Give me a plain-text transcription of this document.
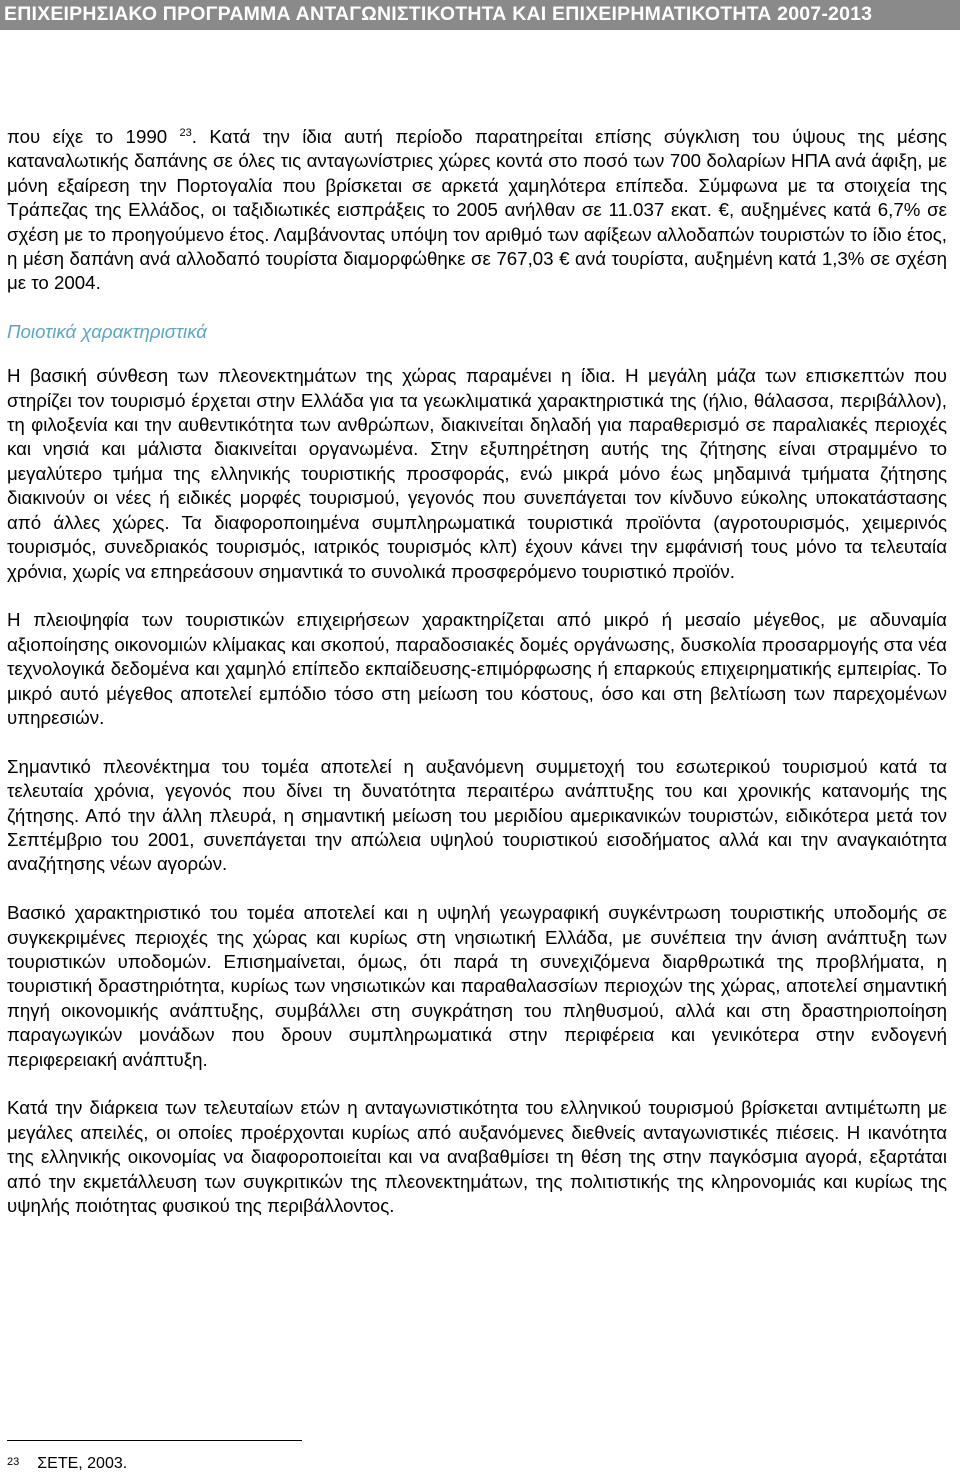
ΕΠΙΧΕΙΡΗΣΙΑΚΟ ΠΡΟΓΡΑΜΜΑ ΑΝΤΑΓΩΝΙΣΤΙΚΟΤΗΤΑ ΚΑΙ ΕΠΙΧΕΙΡΗΜΑΤΙΚΟΤΗΤΑ 2007-2013

που είχε το 1990 $^{23}$. Κατά την ίδια αυτή περίοδο παρατηρείται επίσης σύγκλιση του ύψους της μέσης καταναλωτικής δαπάνης σε όλες τις ανταγωνίστριες χώρες κοντά στο ποσό των 700 δολαρίων ΗΠΑ ανά άφιξη, με μόνη εξαίρεση την Πορτογαλία που βρίσκεται σε αρκετά χαμηλότερα επίπεδα. Σύμφωνα με τα στοιχεία της Τράπεζας της Ελλάδος, οι ταξιδιωτικές εισπράξεις το 2005 ανήλθαν σε 11.037 εκατ. €, αυξημένες κατά 6,7% σε σχέση με το προηγούμενο έτος. Λαμβάνοντας υπόψη τον αριθμό των αφίξεων αλλοδαπών τουριστών το ίδιο έτος, η μέση δαπάνη ανά αλλοδαπό τουρίστα διαμορφώθηκε σε 767,03 € ανά τουρίστα, αυξημένη κατά 1,3% σε σχέση με το 2004.

Ποιοτικά χαρακτηριστικά

Η βασική σύνθεση των πλεονεκτημάτων της χώρας παραμένει η ίδια. Η μεγάλη μάζα των επισκεπτών που στηρίζει τον τουρισμό έρχεται στην Ελλάδα για τα γεωκλιματικά χαρακτηριστικά της (ήλιο, θάλασσα, περιβάλλον), τη φιλοξενία και την αυθεντικότητα των ανθρώπων, διακινείται δηλαδή για παραθερισμό σε παραλιακές περιοχές και νησιά και μάλιστα διακινείται οργανωμένα. Στην εξυπηρέτηση αυτής της ζήτησης είναι στραμμένο το μεγαλύτερο τμήμα της ελληνικής τουριστικής προσφοράς, ενώ μικρά μόνο έως μηδαμινά τμήματα ζήτησης διακινούν οι νέες ή ειδικές μορφές τουρισμού, γεγονός που συνεπάγεται τον κίνδυνο εύκολης υποκατάστασης από άλλες χώρες. Τα διαφοροποιημένα συμπληρωματικά τουριστικά προϊόντα (αγροτουρισμός, χειμερινός τουρισμός, συνεδριακός τουρισμός, ιατρικός τουρισμός κλπ) έχουν κάνει την εμφάνισή τους μόνο τα τελευταία χρόνια, χωρίς να επηρεάσουν σημαντικά το συνολικά προσφερόμενο τουριστικό προϊόν.

Η πλειοψηφία των τουριστικών επιχειρήσεων χαρακτηρίζεται από μικρό ή μεσαίο μέγεθος, με αδυναμία αξιοποίησης οικονομιών κλίμακας και σκοπού, παραδοσιακές δομές οργάνωσης, δυσκολία προσαρμογής στα νέα τεχνολογικά δεδομένα και χαμηλό επίπεδο εκπαίδευσης-επιμόρφωσης ή επαρκούς επιχειρηματικής εμπειρίας. Το μικρό αυτό μέγεθος αποτελεί εμπόδιο τόσο στη μείωση του κόστους, όσο και στη βελτίωση των παρεχομένων υπηρεσιών.

Σημαντικό πλεονέκτημα του τομέα αποτελεί η αυξανόμενη συμμετοχή του εσωτερικού τουρισμού κατά τα τελευταία χρόνια, γεγονός που δίνει τη δυνατότητα περαιτέρω ανάπτυξης του και χρονικής κατανομής της ζήτησης. Από την άλλη πλευρά, η σημαντική μείωση του μεριδίου αμερικανικών τουριστών, ειδικότερα μετά τον Σεπτέμβριο του 2001, συνεπάγεται την απώλεια υψηλού τουριστικού εισοδήματος αλλά και την αναγκαιότητα αναζήτησης νέων αγορών.

Βασικό χαρακτηριστικό του τομέα αποτελεί και η υψηλή γεωγραφική συγκέντρωση τουριστικής υποδομής σε συγκεκριμένες περιοχές της χώρας και κυρίως στη νησιωτική Ελλάδα, με συνέπεια την άνιση ανάπτυξη των τουριστικών υποδομών. Επισημαίνεται, όμως, ότι παρά τη συνεχιζόμενα διαρθρωτικά της προβλήματα, η τουριστική δραστηριότητα, κυρίως των νησιωτικών και παραθαλασσίων περιοχών της χώρας, αποτελεί σημαντική πηγή οικονομικής ανάπτυξης, συμβάλλει στη συγκράτηση του πληθυσμού, αλλά και στη δραστηριοποίηση παραγωγικών μονάδων που δρουν συμπληρωματικά στην περιφέρεια και γενικότερα στην ενδογενή περιφερειακή ανάπτυξη.

Κατά την διάρκεια των τελευταίων ετών η ανταγωνιστικότητα του ελληνικού τουρισμού βρίσκεται αντιμέτωπη με μεγάλες απειλές, οι οποίες προέρχονται κυρίως από αυξανόμενες διεθνείς ανταγωνιστικές πιέσεις. Η ικανότητα της ελληνικής οικονομίας να διαφοροποιείται και να αναβαθμίσει τη θέση της στην παγκόσμια αγορά, εξαρτάται από την εκμετάλλευση των συγκριτικών της πλεονεκτημάτων, της πολιτιστικής της κληρονομιάς και κυρίως της υψηλής ποιότητας φυσικού της περιβάλλοντος.

$^{23}$ ΣΕΤΕ, 2003.
